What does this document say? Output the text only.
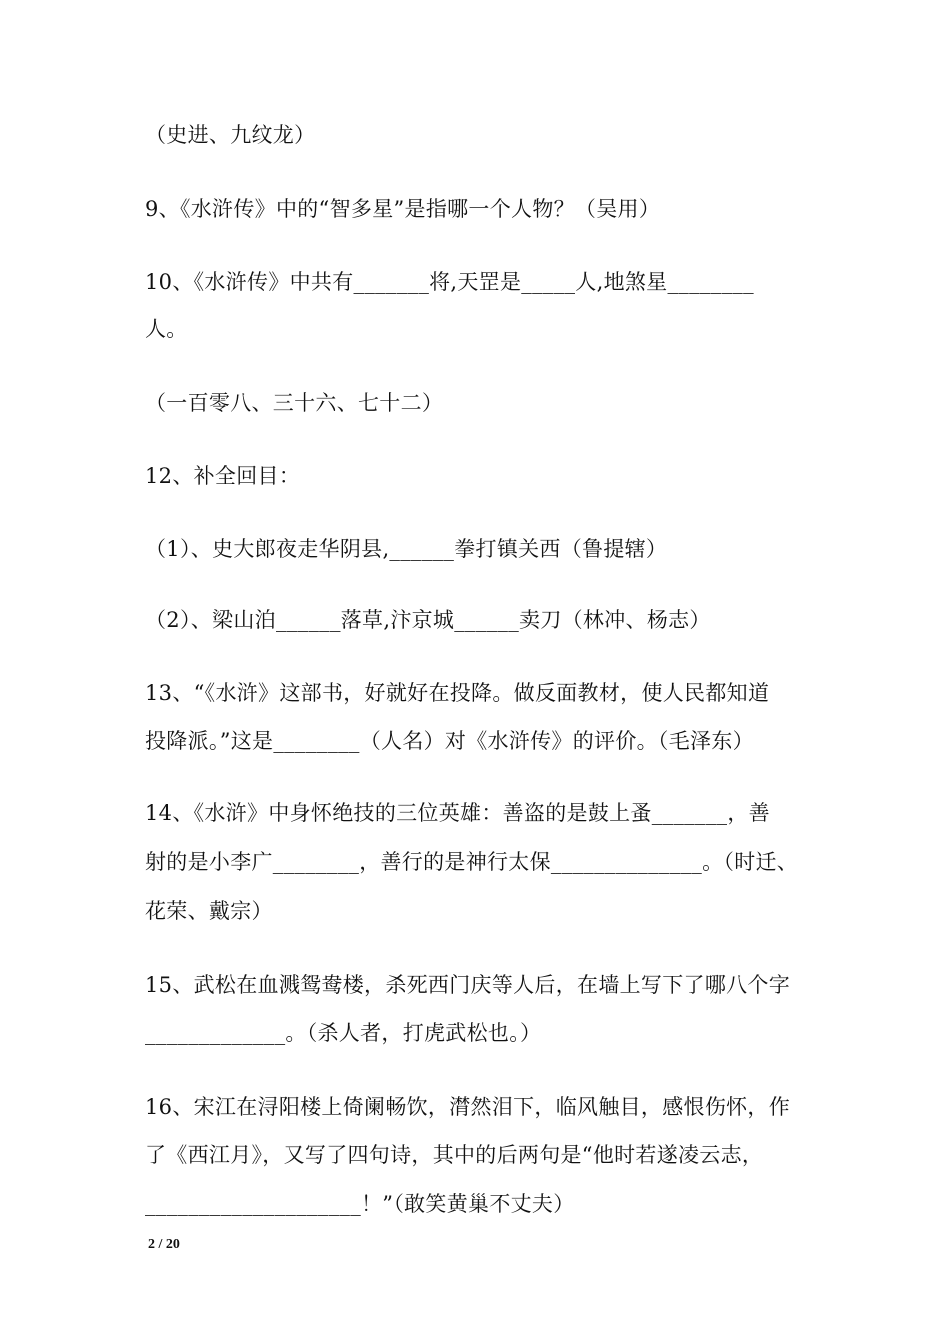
（史进、九纹龙）
9、《水浒传》中的“智多星”是指哪一个人物？（吴用）
10、《水浒传》中共有_______将,天罡是_____人,地煞星________
人。
（一百零八、三十六、七十二）
12、补全回目：
（1）、史大郎夜走华阴县,______拳打镇关西（鲁提辖）
（2）、梁山泊______落草,汴京城______卖刀（林冲、杨志）
13、“《水浒》这部书，好就好在投降。做反面教材，使人民都知道
投降派。”这是________（人名）对《水浒传》的评价。（毛泽东）
14、《水浒》中身怀绝技的三位英雄：善盗的是鼓上蚤_______，善
射的是小李广________，善行的是神行太保______________。（时迁、
花荣、戴宗）
15、武松在血溅鸳鸯楼，杀死西门庆等人后，在墙上写下了哪八个字
_____________。（杀人者，打虎武松也。）
16、宋江在浔阳楼上倚阑畅饮，潸然泪下，临风触目，感恨伤怀，作
了《西江月》，又写了四句诗，其中的后两句是“他时若遂凌云志，
____________________！”（敢笑黄巢不丈夫）
2 / 20
